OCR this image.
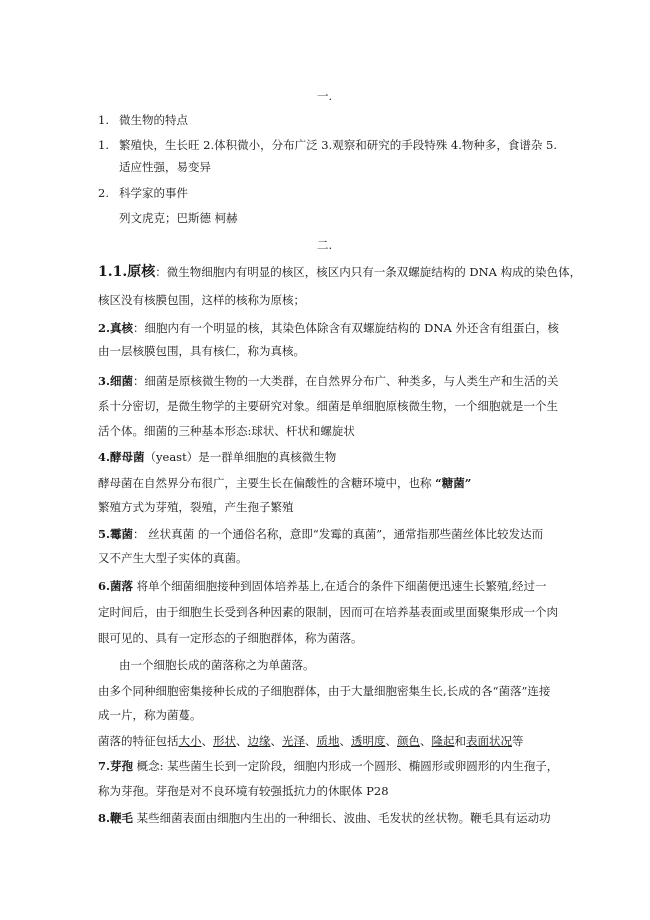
一.
1. 微生物的特点
1. 繁殖快，生长旺 2.体积微小，分布广泛 3.观察和研究的手段特殊 4.物种多，食谱杂 5.
适应性强，易变异
2. 科学家的事件
列文虎克；巴斯德 柯赫
二.
1.1.原核：微生物细胞内有明显的核区，核区内只有一条双螺旋结构的 DNA 构成的染色体，
核区没有核膜包围，这样的核称为原核；
2.真核：细胞内有一个明显的核，其染色体除含有双螺旋结构的 DNA 外还含有组蛋白，核
由一层核膜包围，具有核仁，称为真核。
3.细菌：细菌是原核微生物的一大类群，在自然界分布广、种类多，与人类生产和生活的关
系十分密切，是微生物学的主要研究对象。细菌是单细胞原核微生物，一个细胞就是一个生
活个体。细菌的三种基本形态:球状、杆状和螺旋状
4.酵母菌（yeast）是一群单细胞的真核微生物
酵母菌在自然界分布很广，主要生长在偏酸性的含糖环境中，也称 “糖菌”
繁殖方式为芽殖，裂殖，产生孢子繁殖
5.霉菌： 丝状真菌 的一个通俗名称，意即“发霉的真菌”，通常指那些菌丝体比较发达而
又不产生大型子实体的真菌。
6.菌落 将单个细菌细胞接种到固体培养基上,在适合的条件下细菌便迅速生长繁殖,经过一
定时间后，由于细胞生长受到各种因素的限制，因而可在培养基表面或里面聚集形成一个肉
眼可见的、具有一定形态的子细胞群体，称为菌落。
由一个细胞长成的菌落称之为单菌落。
由多个同种细胞密集接种长成的子细胞群体，由于大量细胞密集生长,长成的各“菌落”连接
成一片，称为菌蔓。
菌落的特征包括大小、形状、边缘、光泽、质地、透明度、颜色、隆起和表面状况等
7.芽孢 概念: 某些菌生长到一定阶段，细胞内形成一个圆形、椭圆形或卵圆形的内生孢子，
称为芽孢。芽孢是对不良环境有较强抵抗力的休眠体 P28
8.鞭毛 某些细菌表面由细胞内生出的一种细长、波曲、毛发状的丝状物。鞭毛具有运动功
